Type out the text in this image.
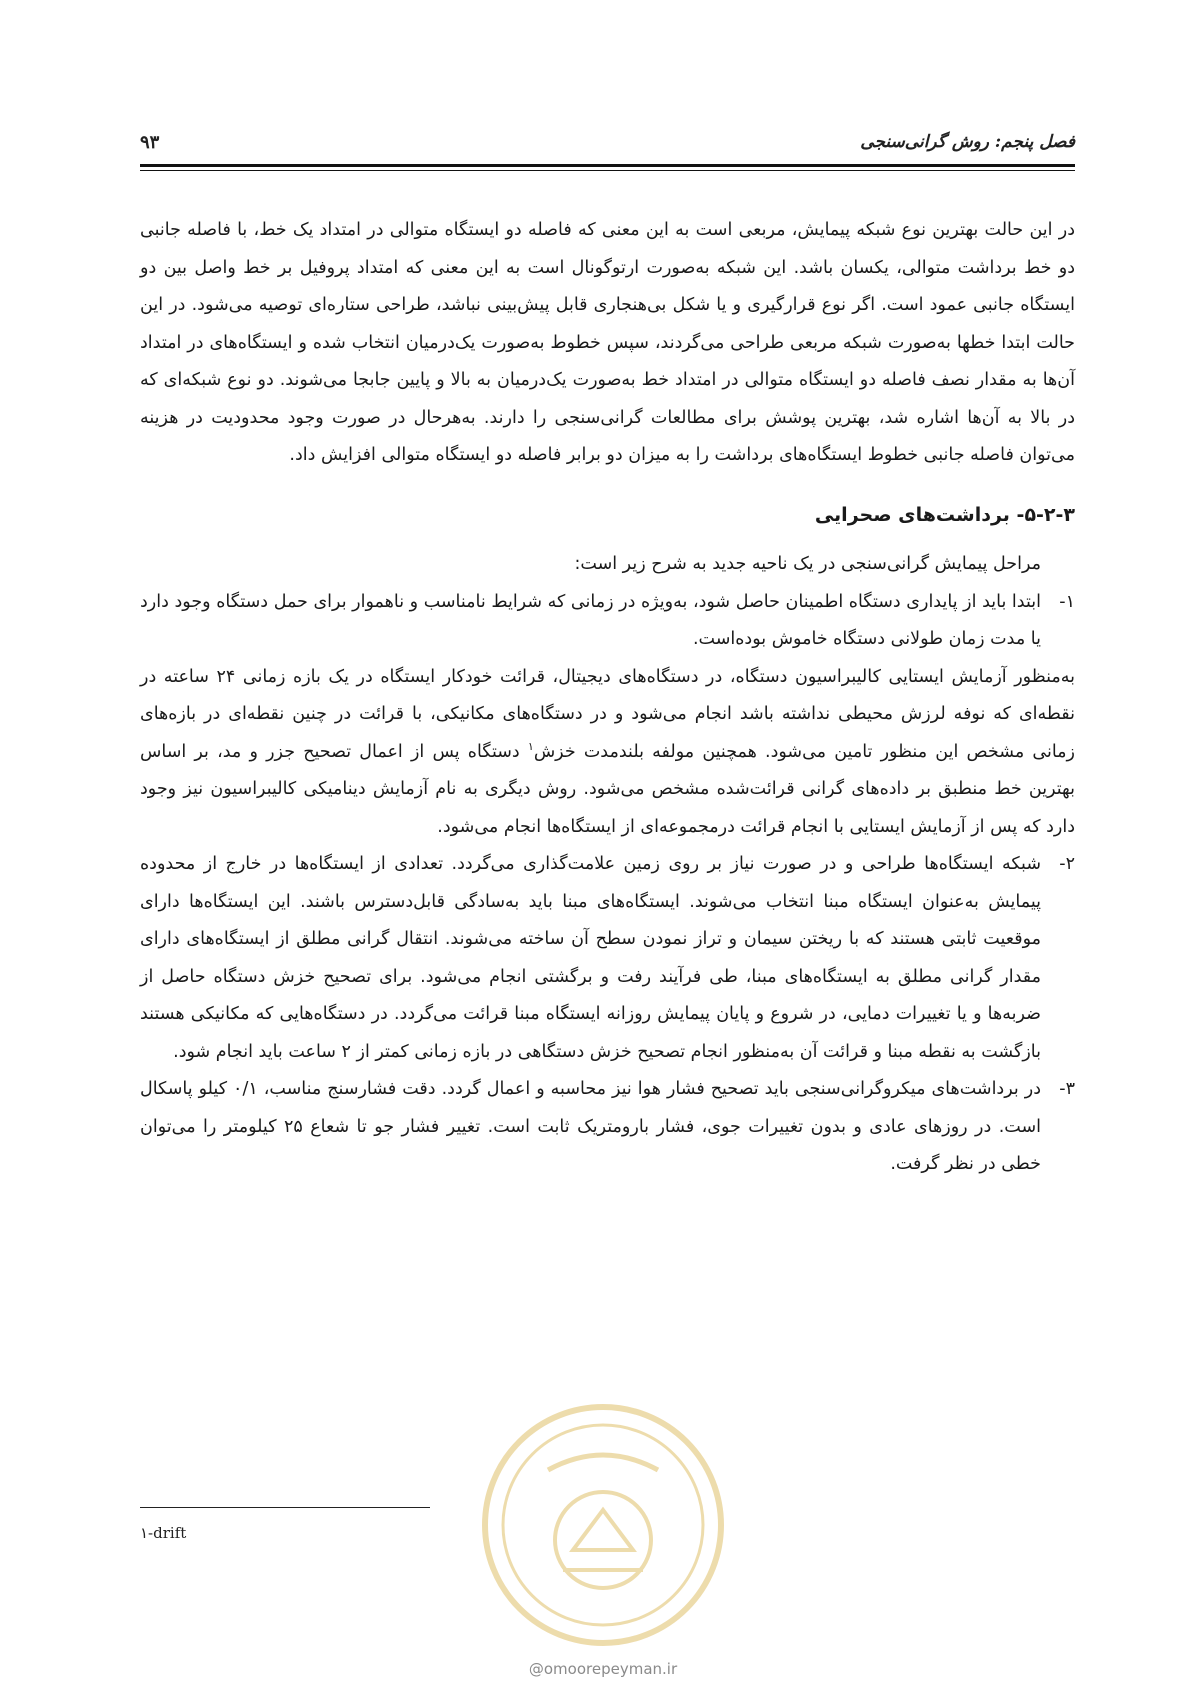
فصل پنجم: روش گرانی‌سنجی
۹۳

در این حالت بهترین نوع شبکه پیمایش، مربعی است به این معنی که فاصله دو ایستگاه متوالی در امتداد یک خط، با فاصله جانبی دو خط برداشت متوالی، یکسان باشد. این شبکه به‌صورت ارتوگونال است به این معنی که امتداد پروفیل بر خط واصل بین دو ایستگاه جانبی عمود است. اگر نوع قرارگیری و یا شکل بی‌هنجاری قابل پیش‌بینی نباشد، طراحی ستاره‌ای توصیه می‌شود. در این حالت ابتدا خطها به‌صورت شبکه مربعی طراحی می‌گردند، سپس خطوط به‌صورت یک‌درمیان انتخاب شده و ایستگاه‌های در امتداد آن‌ها به مقدار نصف فاصله دو ایستگاه متوالی در امتداد خط به‌صورت یک‌درمیان به بالا و پایین جابجا می‌شوند. دو نوع شبکه‌ای که در بالا به آن‌ها اشاره شد، بهترین پوشش برای مطالعات گرانی‌سنجی را دارند. به‌هرحال در صورت وجود محدودیت در هزینه می‌توان فاصله جانبی خطوط ایستگاه‌های برداشت را به میزان دو برابر فاصله دو ایستگاه متوالی افزایش داد.

۵-۲-۳- برداشت‌های صحرایی

مراحل پیمایش گرانی‌سنجی در یک ناحیه جدید به شرح زیر است:

۱-
ابتدا باید از پایداری دستگاه اطمینان حاصل شود، به‌ویژه در زمانی که شرایط نامناسب و ناهموار برای حمل دستگاه وجود دارد یا مدت زمان طولانی دستگاه خاموش بوده‌است.

به‌منظور آزمایش ایستایی کالیبراسیون دستگاه، در دستگاه‌های دیجیتال، قرائت خودکار ایستگاه در یک بازه زمانی ۲۴ ساعته در نقطه‌ای که نوفه لرزش محیطی نداشته باشد انجام می‌شود و در دستگاه‌های مکانیکی، با قرائت در چنین نقطه‌ای در بازه‌های زمانی مشخص این منظور تامین می‌شود. همچنین مولفه بلندمدت خزش$^۱$ دستگاه پس از اعمال تصحیح جزر و مد، بر اساس بهترین خط منطبق بر داده‌های گرانی قرائت‌شده مشخص می‌شود. روش دیگری به نام آزمایش دینامیکی کالیبراسیون نیز وجود دارد که پس از آزمایش ایستایی با انجام قرائت درمجموعه‌ای از ایستگاه‌ها انجام می‌شود.

۲-
شبکه ایستگاه‌ها طراحی و در صورت نیاز بر روی زمین علامت‌گذاری می‌گردد. تعدادی از ایستگاه‌ها در خارج از محدوده پیمایش به‌عنوان ایستگاه مبنا انتخاب می‌شوند. ایستگاه‌های مبنا باید به‌سادگی قابل‌دسترس باشند. این ایستگاه‌ها دارای موقعیت ثابتی هستند که با ریختن سیمان و تراز نمودن سطح آن ساخته می‌شوند. انتقال گرانی مطلق از ایستگاه‌های دارای مقدار گرانی مطلق به ایستگاه‌های مبنا، طی فرآیند رفت و برگشتی انجام می‌شود. برای تصحیح خزش دستگاه حاصل از ضربه‌ها و یا تغییرات دمایی، در شروع و پایان پیمایش روزانه ایستگاه مبنا قرائت می‌گردد. در دستگاه‌هایی که مکانیکی هستند بازگشت به نقطه مبنا و قرائت آن به‌منظور انجام تصحیح خزش دستگاهی در بازه زمانی کمتر از ۲ ساعت باید انجام شود.
۳-
در برداشت‌های میکروگرانی‌سنجی باید تصحیح فشار هوا نیز محاسبه و اعمال گردد. دقت فشارسنج مناسب، ۰/۱ کیلو پاسکال است. در روزهای عادی و بدون تغییرات جوی، فشار بارومتریک ثابت است. تغییر فشار جو تا شعاع ۲۵ کیلومتر را می‌توان خطی در نظر گرفت.
۱-drift
@omoorepeyman.ir
